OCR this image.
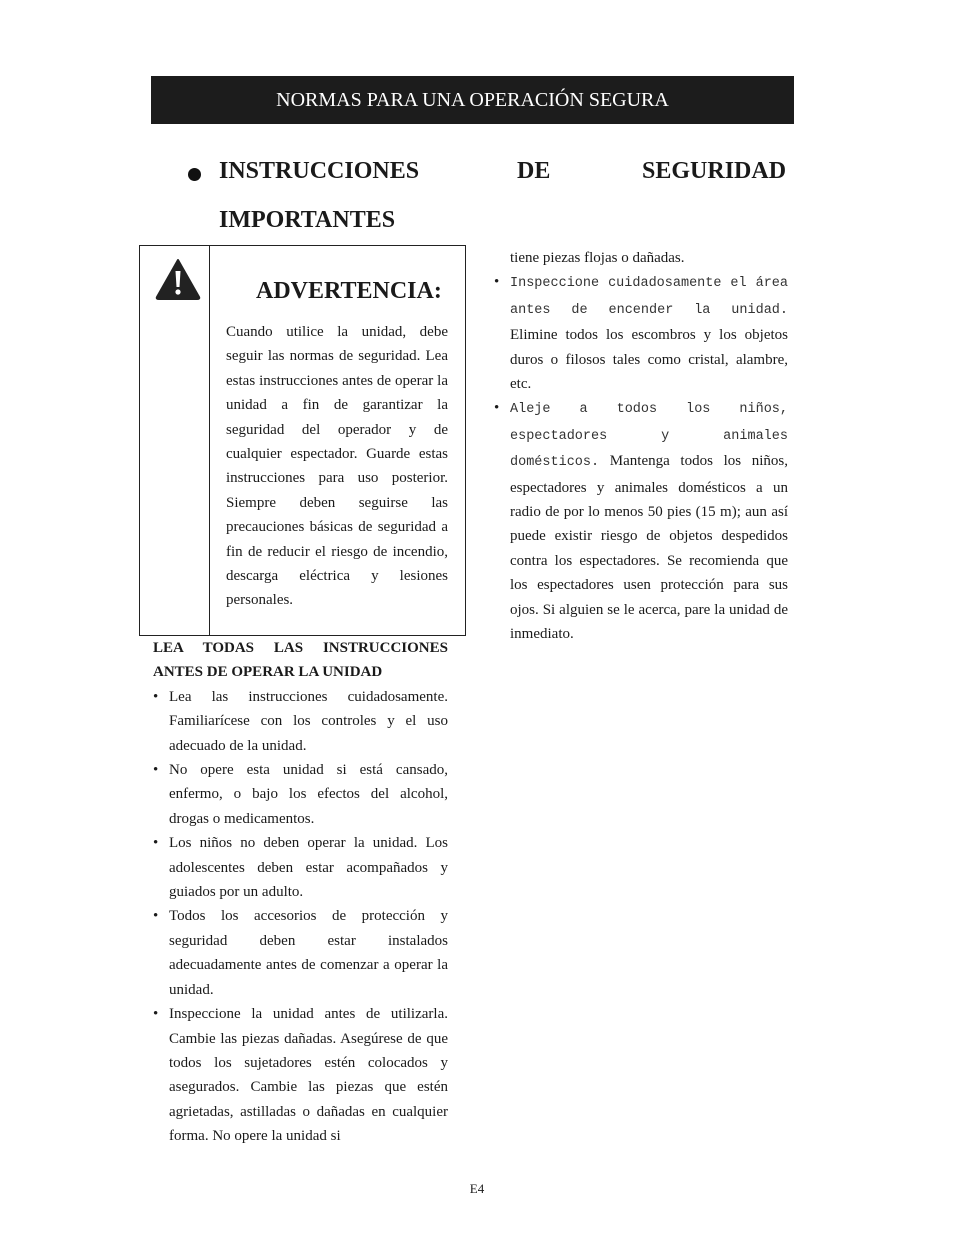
NORMAS PARA UNA OPERACIÓN SEGURA
INSTRUCCIONES	DE	SEGURIDAD
IMPORTANTES
ADVERTENCIA:
Cuando utilice la unidad, debe seguir las normas de seguridad. Lea estas instrucciones antes de operar la unidad a fin de garantizar la seguridad del operador y de cualquier espectador. Guarde estas instrucciones para uso posterior. Siempre deben seguirse las precauciones básicas de seguridad a fin de reducir el riesgo de incendio, descarga eléctrica y lesiones personales.
LEA TODAS LAS INSTRUCCIONES ANTES DE OPERAR LA UNIDAD
• Lea las instrucciones cuidadosamente. Familiarícese con los controles y el uso adecuado de la unidad.
• No opere esta unidad si está cansado, enfermo, o bajo los efectos del alcohol, drogas o medicamentos.
• Los niños no deben operar la unidad. Los adolescentes deben estar acompañados y guiados por un adulto.
• Todos los accesorios de protección y seguridad deben estar instalados adecuadamente antes de comenzar a operar la unidad.
• Inspeccione la unidad antes de utilizarla. Cambie las piezas dañadas. Asegúrese de que todos los sujetadores estén colocados y asegurados. Cambie las piezas que estén agrietadas, astilladas o dañadas en cualquier forma. No opere la unidad si
tiene piezas flojas o dañadas.
• Inspeccione cuidadosamente el área antes de encender la unidad. Elimine todos los escombros y los objetos duros o filosos tales como cristal, alambre, etc.
• Aleje a todos los niños, espectadores y animales domésticos. Mantenga todos los niños, espectadores y animales domésticos a un radio de por lo menos 50 pies (15 m); aun así puede existir riesgo de objetos despedidos contra los espectadores. Se recomienda que los espectadores usen protección para sus ojos. Si alguien se le acerca, pare la unidad de inmediato.
E4
